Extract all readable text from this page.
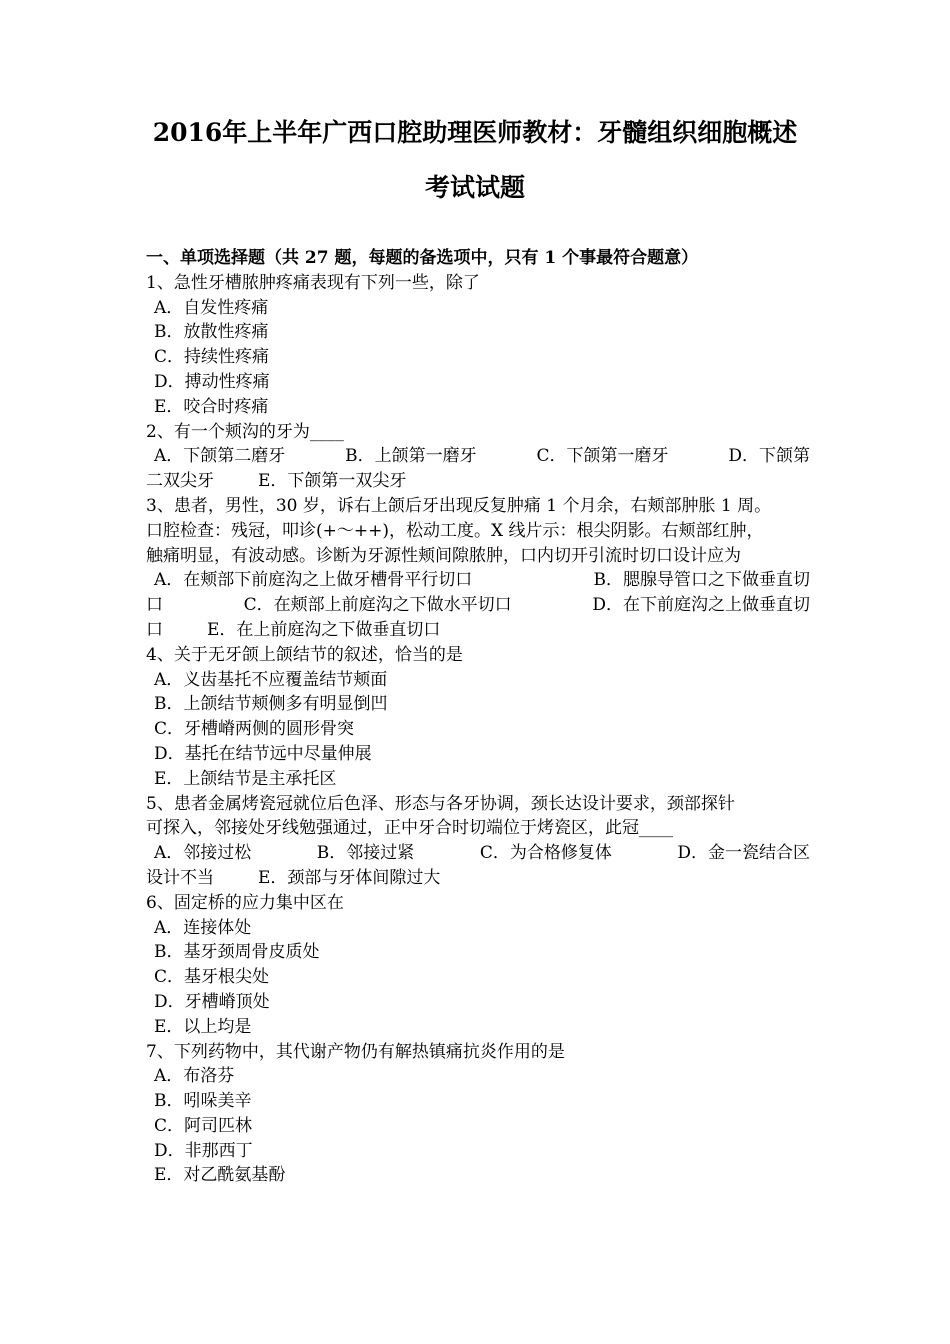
2016年上半年广西口腔助理医师教材：牙髓组织细胞概述
考试试题
一、单项选择题（共 27 题，每题的备选项中，只有 1 个事最符合题意）
1、急性牙槽脓肿疼痛表现有下列一些，除了
A．自发性疼痛
B．放散性疼痛
C．持续性疼痛
D．搏动性疼痛
E．咬合时疼痛
2、有一个颊沟的牙为____
A．下颌第二磨牙	B．上颌第一磨牙	C．下颌第一磨牙	D．下颌第
二双尖牙	E．下颌第一双尖牙
3、患者，男性，30 岁，诉右上颌后牙出现反复肿痛 1 个月余，右颊部肿胀 1 周。
口腔检查：残冠，叩诊(+～++)，松动工度。X 线片示：根尖阴影。右颊部红肿，
触痛明显，有波动感。诊断为牙源性颊间隙脓肿，口内切开引流时切口设计应为
A．在颊部下前庭沟之上做牙槽骨平行切口	B．腮腺导管口之下做垂直切
口	C．在颊部上前庭沟之下做水平切口	D．在下前庭沟之上做垂直切
口	E．在上前庭沟之下做垂直切口
4、关于无牙颌上颌结节的叙述，恰当的是
A．义齿基托不应覆盖结节颊面
B．上颌结节颊侧多有明显倒凹
C．牙槽嵴两侧的圆形骨突
D．基托在结节远中尽量伸展
E．上颌结节是主承托区
5、患者金属烤瓷冠就位后色泽、形态与各牙协调，颈长达设计要求，颈部探针
可探入，邻接处牙线勉强通过，正中牙合时切端位于烤瓷区，此冠____
A．邻接过松	B．邻接过紧	C．为合格修复体	D．金一瓷结合区
设计不当	E．颈部与牙体间隙过大
6、固定桥的应力集中区在
A．连接体处
B．基牙颈周骨皮质处
C．基牙根尖处
D．牙槽嵴顶处
E．以上均是
7、下列药物中，其代谢产物仍有解热镇痛抗炎作用的是
A．布洛芬
B．吲哚美辛
C．阿司匹林
D．非那西丁
E．对乙酰氨基酚
